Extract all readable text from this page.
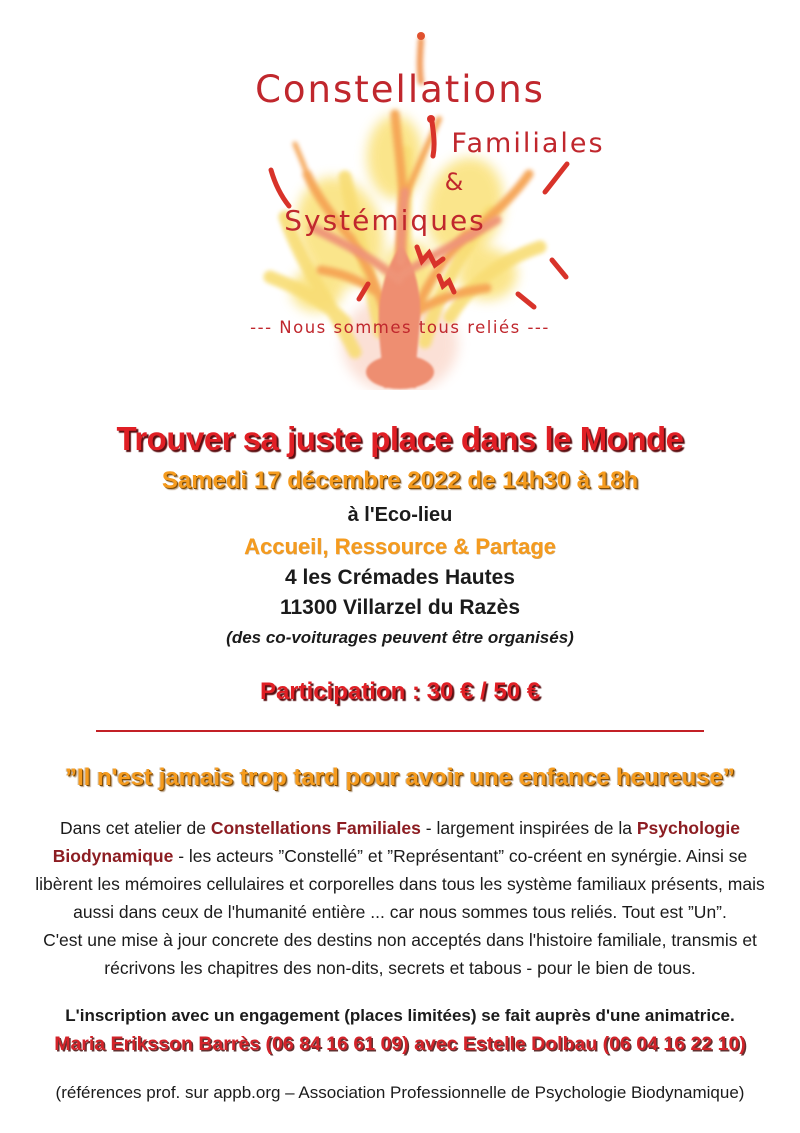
Constellations
Familiales
&
Systémiques
--- Nous sommes tous reliés ---
Trouver sa juste place dans le Monde
Samedi 17 décembre 2022 de 14h30 à 18h
à l'Eco-lieu
Accueil, Ressource & Partage
4 les Crémades Hautes
11300 Villarzel du Razès
(des co-voiturages peuvent être organisés)
Participation : 30 € / 50 €
”Il n'est jamais trop tard pour avoir une enfance heureuse”

Dans cet atelier de Constellations Familiales - largement inspirées de la Psychologie Biodynamique - les acteurs ”Constellé” et ”Représentant” co-créent en synérgie. Ainsi se libèrent les mémoires cellulaires et corporelles dans tous les système familiaux présents, mais aussi dans ceux de l'humanité entière ... car nous sommes tous reliés. Tout est ”Un”.
C'est une mise à jour concrete des destins non acceptés dans l'histoire familiale, transmis et récrivons les chapitres des non-dits, secrets et tabous - pour le bien de tous.

L'inscription avec un engagement (places limitées) se fait auprès d'une animatrice.
Maria Eriksson Barrès (06 84 16 61 09) avec Estelle Dolbau (06 04 16 22 10)
(références prof. sur appb.org – Association Professionnelle de Psychologie Biodynamique)
